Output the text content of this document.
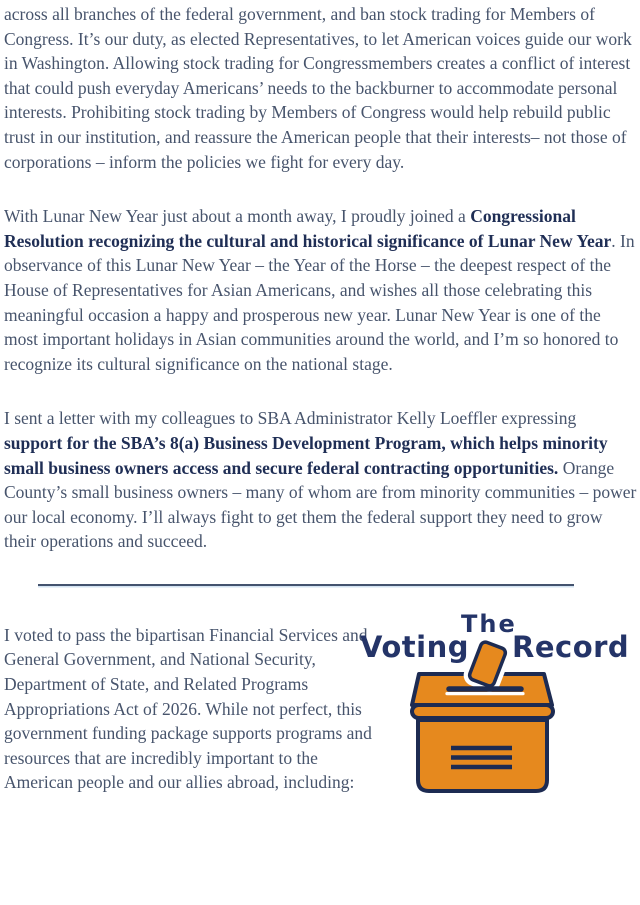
across all branches of the federal government, and ban stock trading for Members of Congress. It’s our duty, as elected Representatives, to let American voices guide our work in Washington. Allowing stock trading for Congressmembers creates a conflict of interest that could push everyday Americans’ needs to the backburner to accommodate personal interests. Prohibiting stock trading by Members of Congress would help rebuild public trust in our institution, and reassure the American people that their interests– not those of corporations – inform the policies we fight for every day.

With Lunar New Year just about a month away, I proudly joined a Congressional Resolution recognizing the cultural and historical significance of Lunar New Year. In observance of this Lunar New Year – the Year of the Horse – the deepest respect of the House of Representatives for Asian Americans, and wishes all those celebrating this meaningful occasion a happy and prosperous new year. Lunar New Year is one of the most important holidays in Asian communities around the world, and I’m so honored to recognize its cultural significance on the national stage.

I sent a letter with my colleagues to SBA Administrator Kelly Loeffler expressing support for the SBA’s 8(a) Business Development Program, which helps minority small business owners access and secure federal contracting opportunities. Orange County’s small business owners – many of whom are from minority communities – power our local economy. I’ll always fight to get them the federal support they need to grow their operations and succeed.

I voted to pass the bipartisan Financial Services and General Government, and National Security, Department of State, and Related Programs Appropriations Act of 2026. While not perfect, this government funding package supports programs and resources that are incredibly important to the American people and our allies abroad, including:

The
Voting Record
